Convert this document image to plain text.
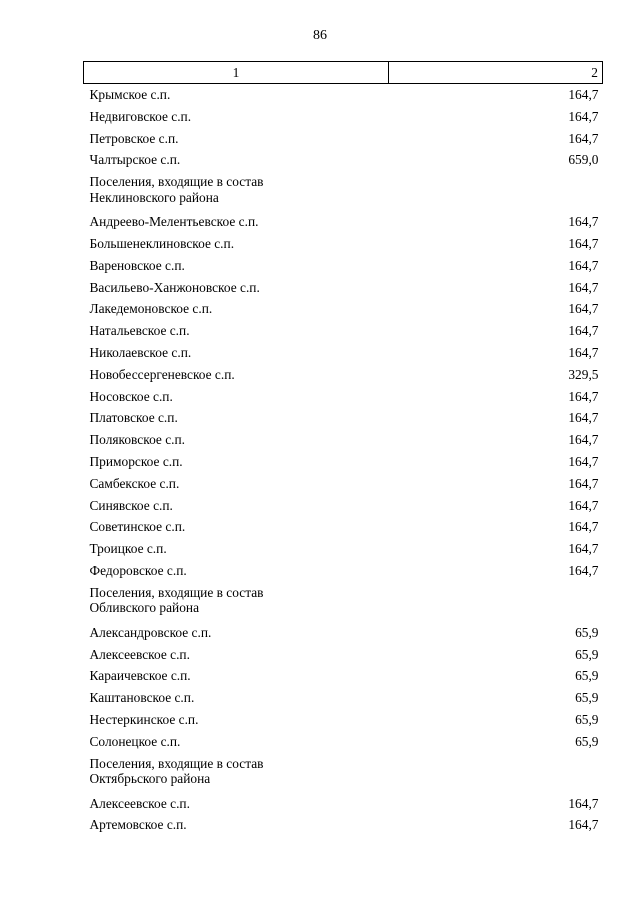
86
1	2
Крымское с.п.	164,7
Недвиговское с.п.	164,7
Петровское с.п.	164,7
Чалтырское с.п.	659,0

Поселения, входящие в состав
Неклиновского района	

Андреево-Мелентьевское с.п.	164,7
Большенеклиновское с.п.	164,7
Вареновское с.п.	164,7
Васильево-Ханжоновское с.п.	164,7
Лакедемоновское с.п.	164,7
Натальевское с.п.	164,7
Николаевское с.п.	164,7
Новобессергеневское с.п.	329,5
Носовское с.п.	164,7
Платовское с.п.	164,7
Поляковское с.п.	164,7
Приморское с.п.	164,7
Самбекское с.п.	164,7
Синявское с.п.	164,7
Советинское с.п.	164,7
Троицкое с.п.	164,7
Федоровское с.п.	164,7

Поселения, входящие в состав
Обливского района	

Александровское с.п.	65,9
Алексеевское с.п.	65,9
Караичевское с.п.	65,9
Каштановское с.п.	65,9
Нестеркинское с.п.	65,9
Солонецкое с.п.	65,9

Поселения, входящие в состав
Октябрьского района	

Алексеевское с.п.	164,7
Артемовское с.п.	164,7
